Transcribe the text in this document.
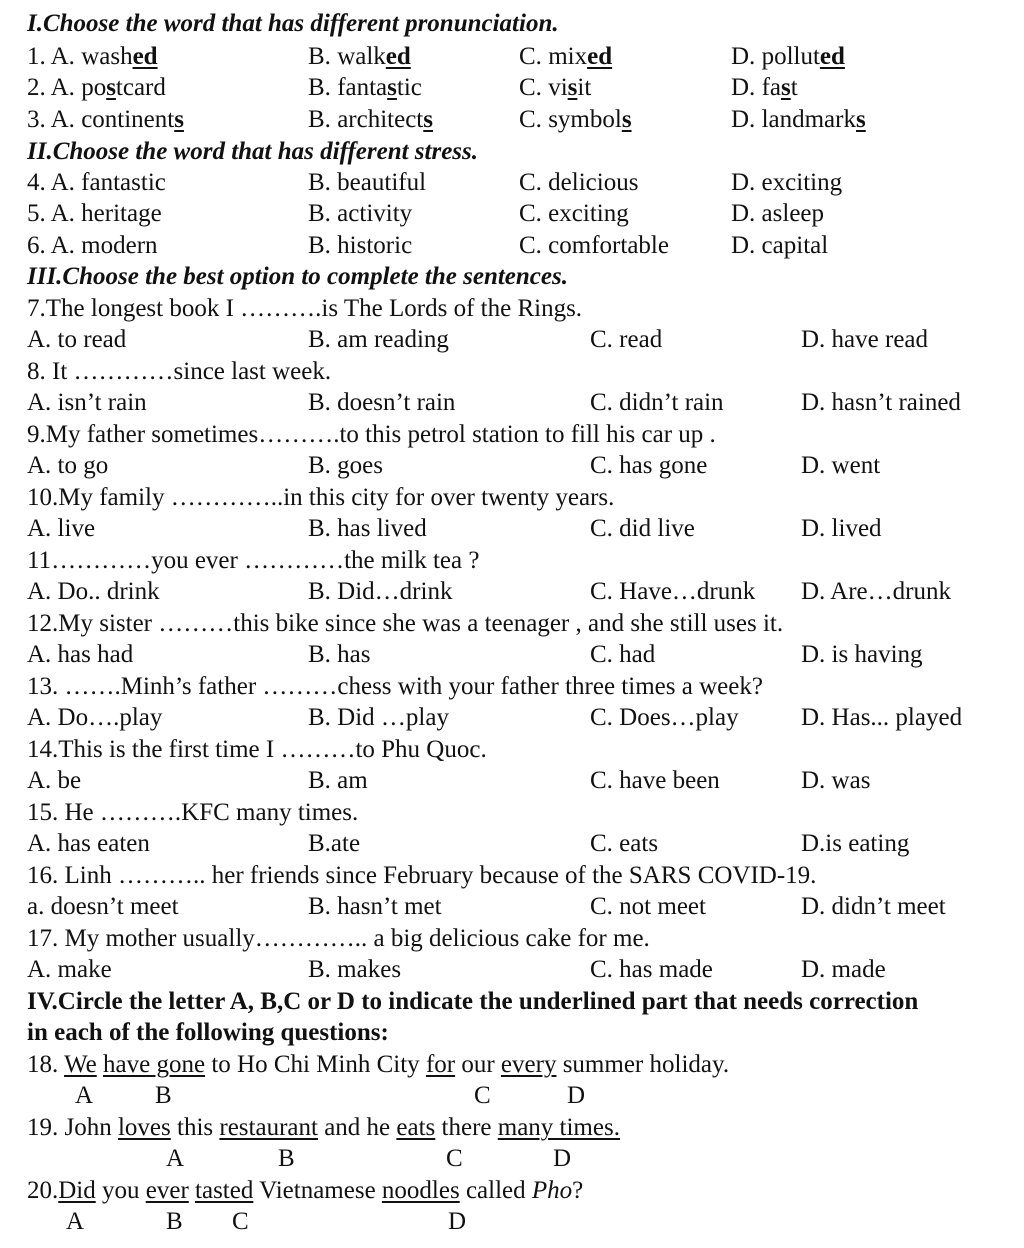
I.Choose the word that has different pronunciation.
1. A. washed	B. walked	C. mixed	D. polluted
2. A. postcard	B. fantastic	C. visit	D. fast
3. A. continents	B. architects	C. symbols	D. landmarks
II.Choose the word that has different stress.
4. A. fantastic	B. beautiful	C. delicious	D. exciting
5. A. heritage	B. activity	C. exciting	D. asleep
6. A. modern	B. historic	C. comfortable D. capital
III.Choose the best option to complete the sentences.
7.The longest book I ……….is The Lords of the Rings.
A. to read	B. am reading	C. read	D. have read
8. It …………since last week.
A. isn’t rain	B. doesn’t rain	C. didn’t rain	D. hasn’t rained
9.My father sometimes……….to this petrol station to fill his car up .
A. to go	B. goes	C. has gone	D. went
10.My family …………..in this city for over twenty years.
A. live	B. has lived	C. did live	D. lived
11…………you ever …………the milk tea ?
A. Do.. drink	B. Did…drink	C. Have…drunk D. Are…drunk
12.My sister ………this bike since she was a teenager , and she still uses it.
A. has had	B. has	C. had	D. is having
13. …….Minh’s father ………chess with your father three times a week?
A. Do….play	B. Did …play	C. Does…play D. Has... played
14.This is the first time I ………to Phu Quoc.
A. be	B. am	C. have been	D. was
15. He ……….KFC many times.
A. has eaten	B.ate	C. eats	D.is eating
16. Linh ……….. her friends since February because of the SARS COVID-19.
a. doesn’t meet	B. hasn’t met	C. not meet	D. didn’t meet
17. My mother usually………….. a big delicious cake for me.
A. make	B. makes	C. has made	D. made
IV.Circle the letter A, B,C or D to indicate the underlined part that needs correction
in each of the following questions:
18. We have gone to Ho Chi Minh City for our every summer holiday.
A B	C	D
19. John loves this restaurant and he eats there many times.
A	B	C	D
20.Did you ever tasted Vietnamese noodles called Pho?
A	B C	D
